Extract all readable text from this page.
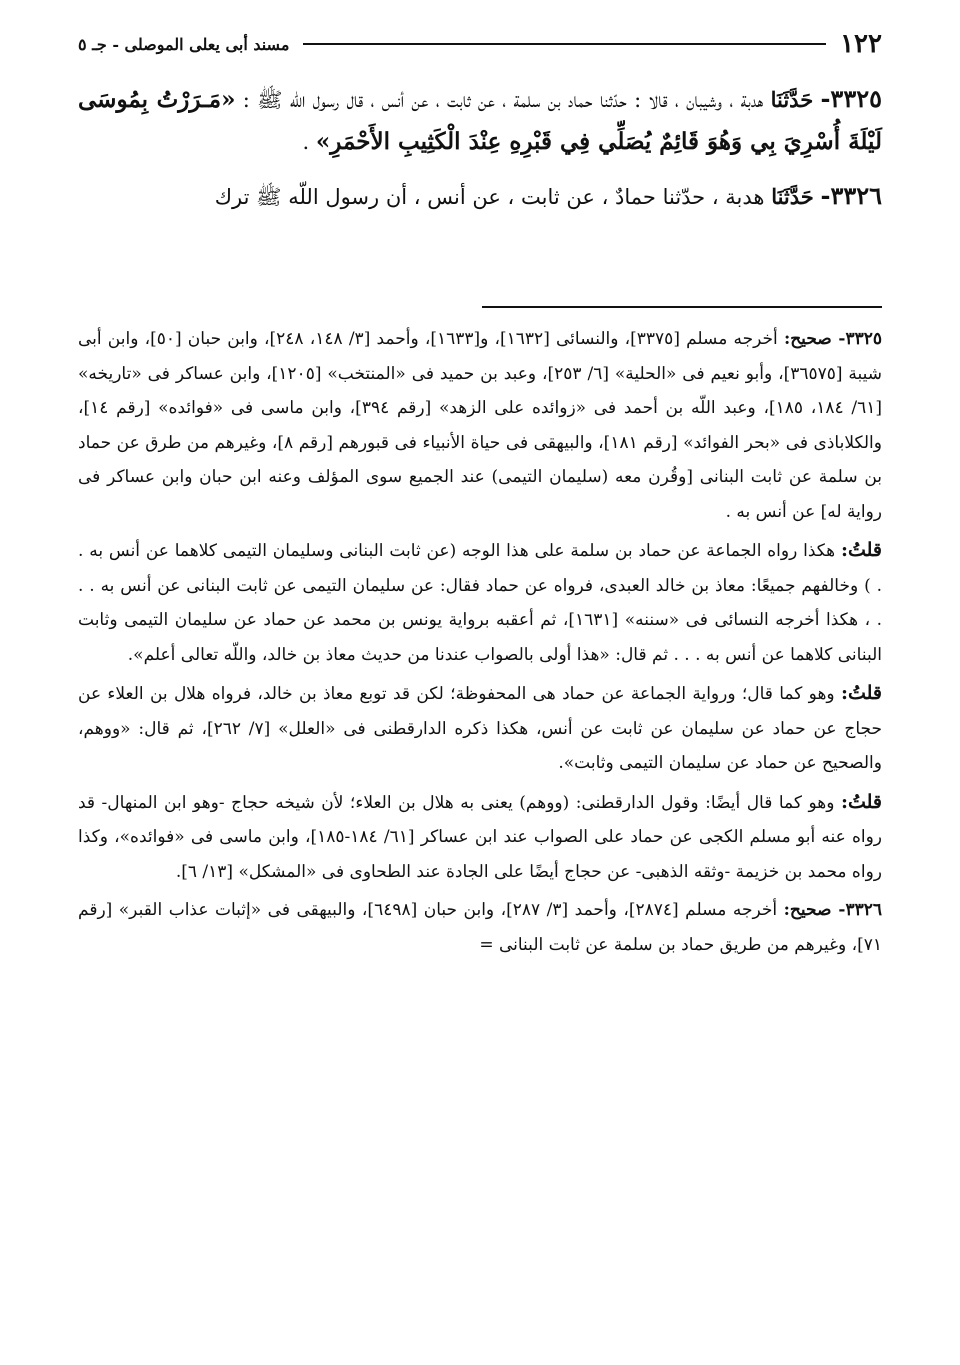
١٢٢
مسند أبى يعلى الموصلى - جـ ٥

٣٣٢٥- حَدَّثَنَا هدبة ، وشيبان ، قالا : حدّثنا حماد بن سلمة ، عن ثابت ، عن أنس ، قال رسول اللّه ﷺ : «مَـرَرْتُ بِمُوسَى لَيْلَةَ أُسْرِيَ بِي وَهُوَ قَائِمٌ يُصَلِّي فِي قَبْرِهِ عِنْدَ الْكَثِيبِ الأَحْمَرِ» .

٣٣٢٦- حَدَّثَنَا هدبة ، حدّثنا حمادٌ ، عن ثابت ، عن أنس ، أن رسول اللّه ﷺ ترك

٣٣٢٥- صحيح: أخرجه مسلم [٣٣٧٥]، والنسائى [١٦٣٢]، و[١٦٣٣]، وأحمد [٣/ ١٤٨، ٢٤٨]، وابن حبان [٥٠]، وابن أبى شيبة [٣٦٥٧٥]، وأبو نعيم فى «الحلية» [٦/ ٢٥٣]، وعبد بن حميد فى «المنتخب» [١٢٠٥]، وابن عساكر فى «تاريخه» [٦١/ ١٨٤، ١٨٥]، وعبد اللّه بن أحمد فى «زوائده على الزهد» [رقم ٣٩٤]، وابن ماسى فى «فوائده» [رقم ١٤]، والكلاباذى فى «بحر الفوائد» [رقم ١٨١]، والبيهقى فى حياة الأنبياء فى قبورهم [رقم ٨]، وغيرهم من طرق عن حماد بن سلمة عن ثابت البنانى [وقُرن معه (سليمان التيمى) عند الجميع سوى المؤلف وعنه ابن حبان وابن عساكر فى رواية له] عن أنس به .

قلتُ: هكذا رواه الجماعة عن حماد بن سلمة على هذا الوجه (عن ثابت البنانى وسليمان التيمى كلاهما عن أنس به . . ) وخالفهم جميعًا: معاذ بن خالد العبدى، فرواه عن حماد فقال: عن سليمان التيمى عن ثابت البنانى عن أنس به . . . ، هكذا أخرجه النسائى فى «سننه» [١٦٣١]، ثم أعقبه برواية يونس بن محمد عن حماد عن سليمان التيمى وثابت البنانى كلاهما عن أنس به . . . ثم قال: «هذا أولى بالصواب عندنا من حديث معاذ بن خالد، واللّه تعالى أعلم».

قلتُ: وهو كما قال؛ ورواية الجماعة عن حماد هى المحفوظة؛ لكن قد توبع معاذ بن خالد، فرواه هلال بن العلاء عن حجاج عن حماد عن سليمان عن ثابت عن أنس، هكذا ذكره الدارقطنى فى «العلل» [٧/ ٢٦٢]، ثم قال: «ووهم، والصحيح عن حماد عن سليمان التيمى وثابت».

قلتُ: وهو كما قال أيضًا: وقول الدارقطنى: (ووهم) يعنى به هلال بن العلاء؛ لأن شيخه حجاج -وهو ابن المنهال- قد رواه عنه أبو مسلم الكجى عن حماد على الصواب عند ابن عساكر [٦١/ ١٨٤-١٨٥]، وابن ماسى فى «فوائده»، وكذا رواه محمد بن خزيمة -وثقه الذهبى- عن حجاج أيضًا على الجادة عند الطحاوى فى «المشكل» [١٣/ ٦].

٣٣٢٦- صحيح: أخرجه مسلم [٢٨٧٤]، وأحمد [٣/ ٢٨٧]، وابن حبان [٦٤٩٨]، والبيهقى فى «إثبات عذاب القبر» [رقم ٧١]، وغيرهم من طريق حماد بن سلمة عن ثابت البنانى =
